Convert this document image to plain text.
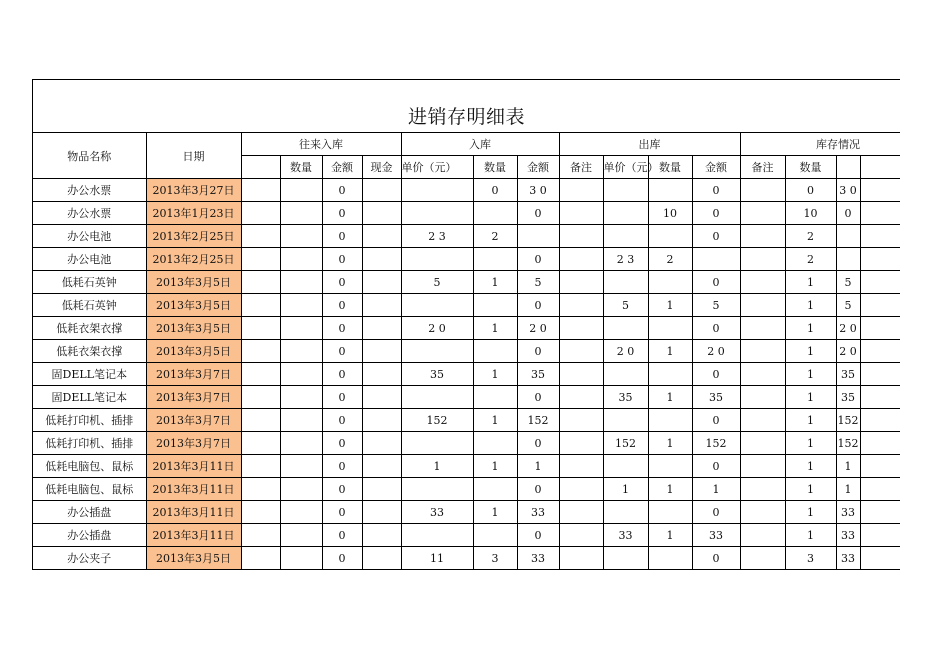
进销存明细表
物品名称	日期	往来入库				入库			出库				库存情况			
			数量	金额	现金	单价（元）	数量	金额	备注	单价（元）	数量	金额	备注	数量		
办公水票	2013年3月27日			0			0	3 0				0		0	3 0	
办公水票	2013年1月23日			0				0			10	0		10	0	
办公电池	2013年2月25日			0		2 3	2					0		2		
办公电池	2013年2月25日			0				0		2 3	2			2		
低耗石英钟	2013年3月5日			0		5	1	5				0		1	5	
低耗石英钟	2013年3月5日			0				0		5	1	5		1	5	
低耗衣架衣撑	2013年3月5日			0		2 0	1	2 0				0		1	2 0	
低耗衣架衣撑	2013年3月5日			0				0		2 0	1	2 0		1	2 0	
固DELL笔记本	2013年3月7日			0		35	1	35				0		1	35	
固DELL笔记本	2013年3月7日			0				0		35	1	35		1	35	
低耗打印机、插排	2013年3月7日			0		152	1	152				0		1	152	
低耗打印机、插排	2013年3月7日			0				0		152	1	152		1	152	
低耗电脑包、鼠标	2013年3月11日			0		1	1	1				0		1	1	
低耗电脑包、鼠标	2013年3月11日			0				0		1	1	1		1	1	
办公插盘	2013年3月11日			0		33	1	33				0		1	33	
办公插盘	2013年3月11日			0				0		33	1	33		1	33	
办公夹子	2013年3月5日			0		11	3	33				0		3	33	
